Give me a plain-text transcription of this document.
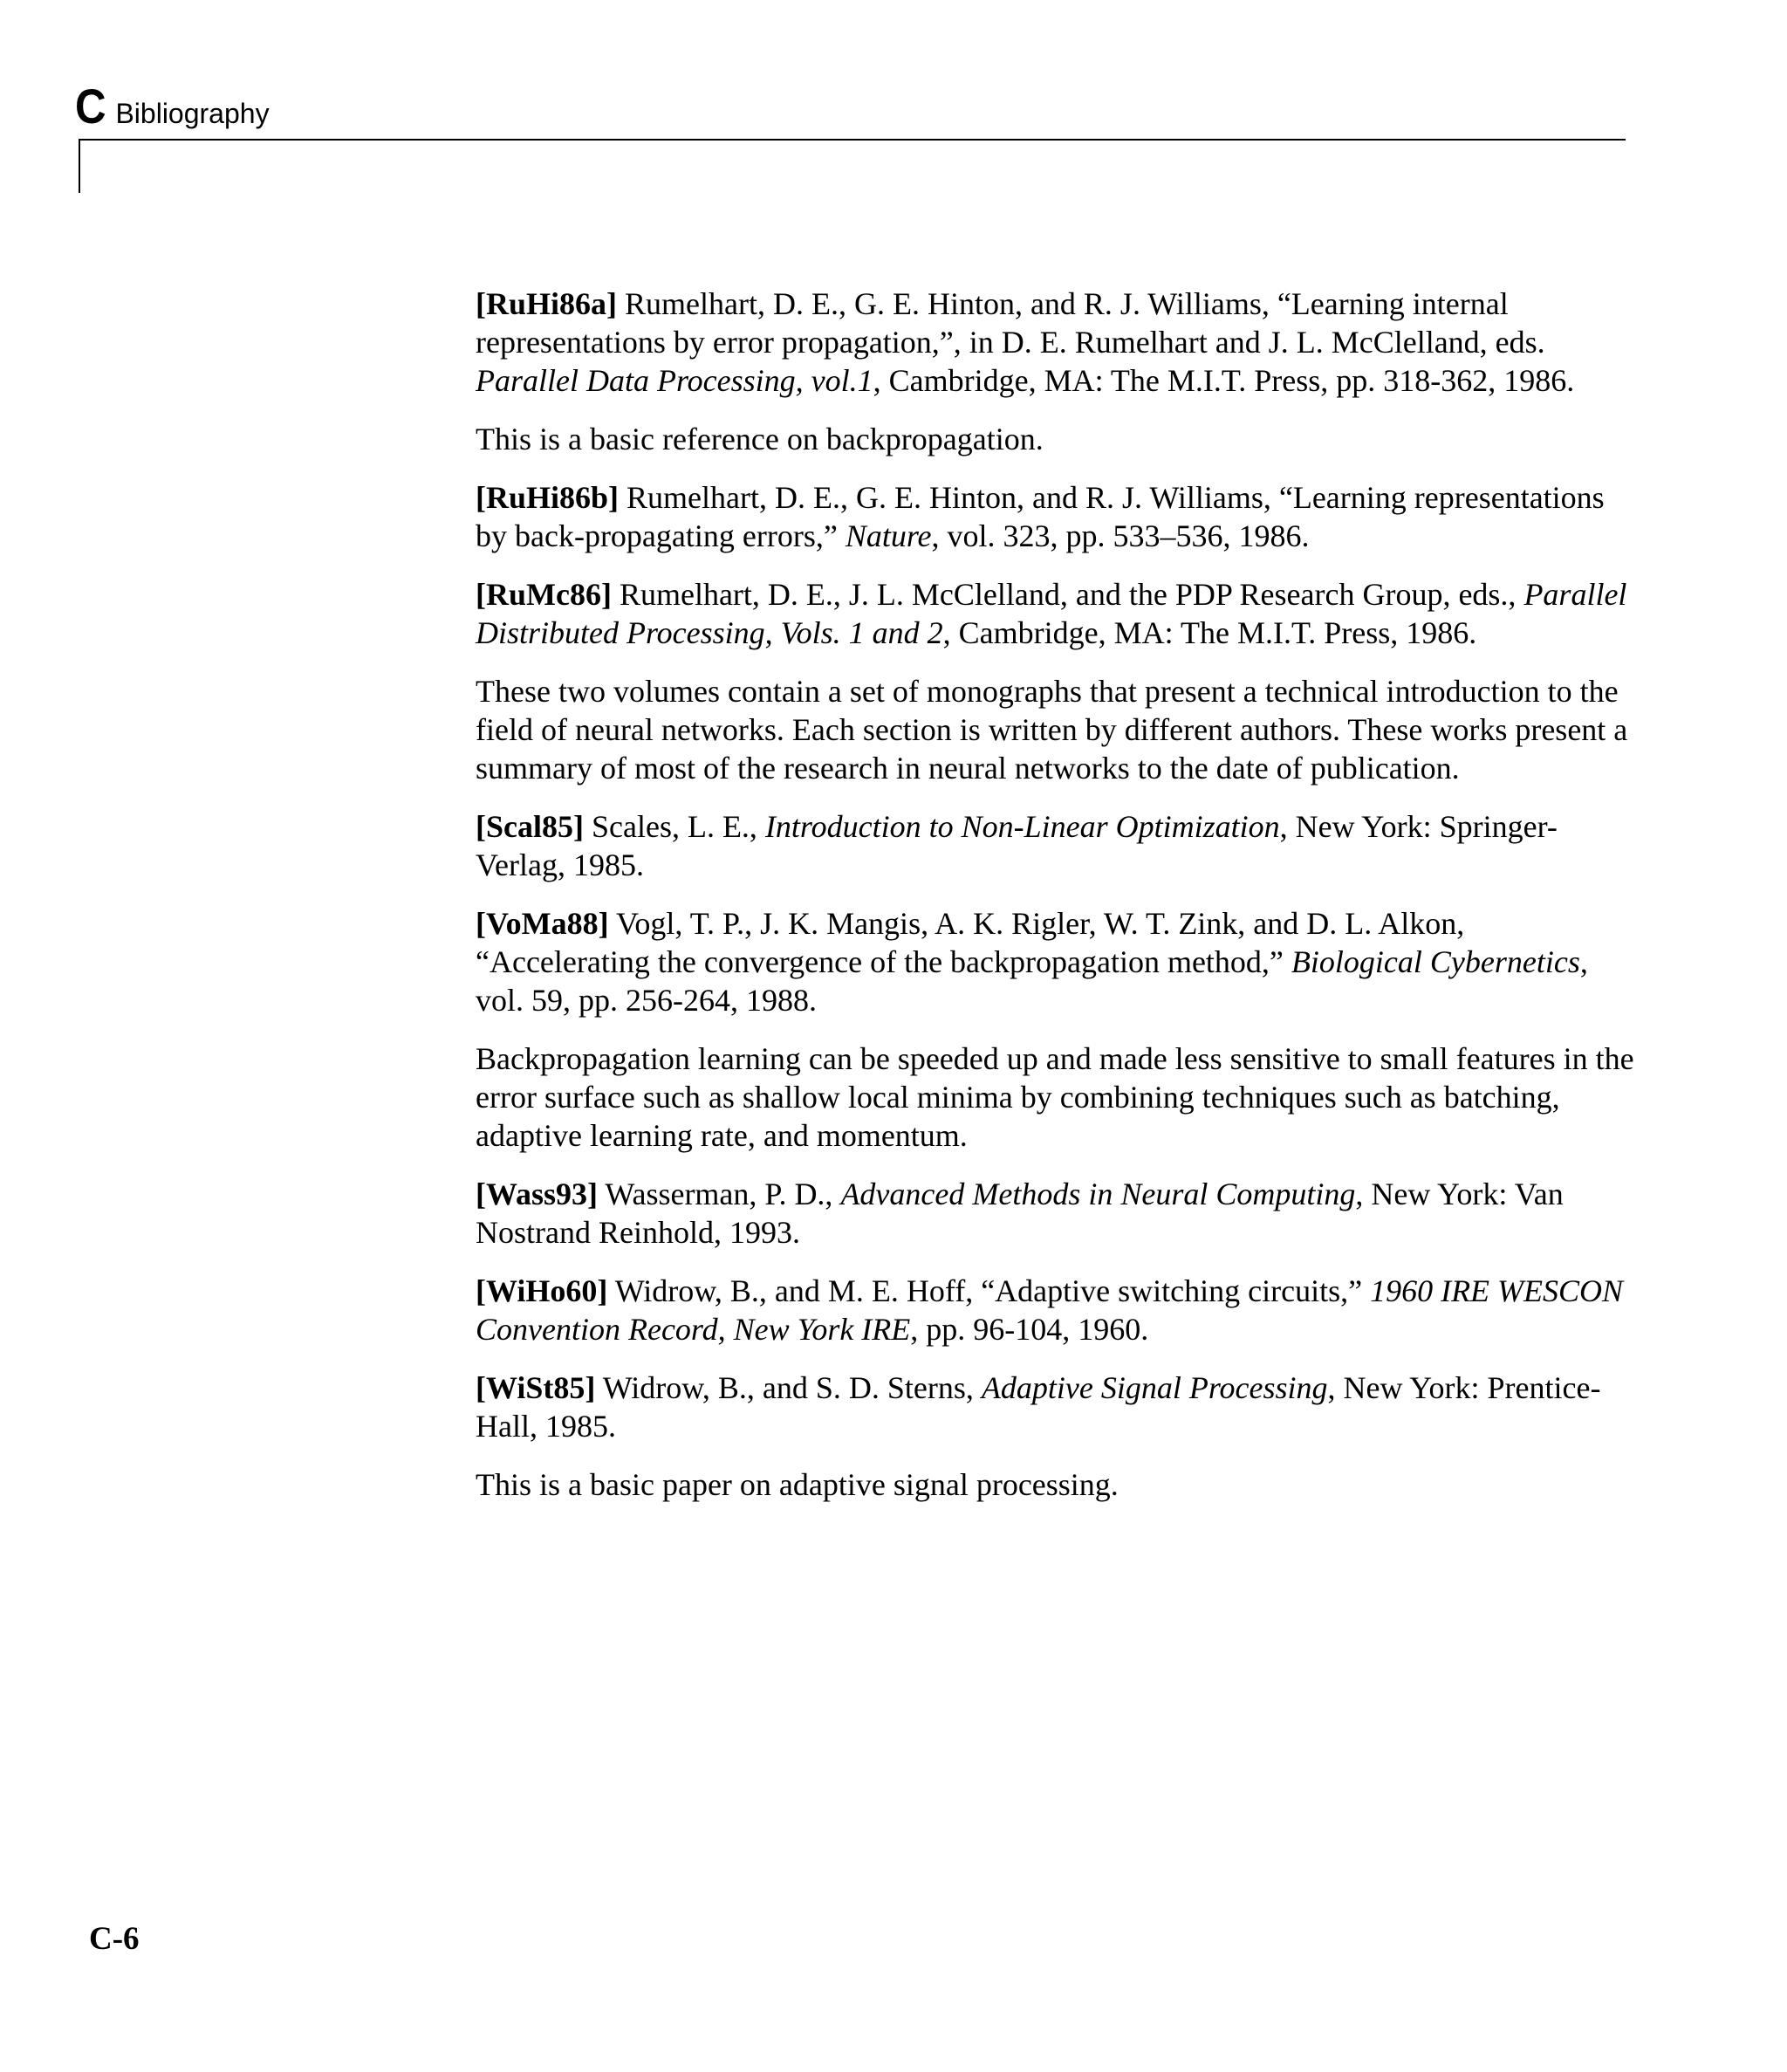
C Bibliography

[RuHi86a] Rumelhart, D. E., G. E. Hinton, and R. J. Williams, “Learning internal representations by error propagation,”, in D. E. Rumelhart and J. L. McClelland, eds. Parallel Data Processing, vol.1, Cambridge, MA: The M.I.T. Press, pp. 318-362, 1986.

This is a basic reference on backpropagation.

[RuHi86b] Rumelhart, D. E., G. E. Hinton, and R. J. Williams, “Learning representations by back-propagating errors,” Nature, vol. 323, pp. 533–536, 1986.

[RuMc86] Rumelhart, D. E., J. L. McClelland, and the PDP Research Group, eds., Parallel Distributed Processing, Vols. 1 and 2, Cambridge, MA: The M.I.T. Press, 1986.

These two volumes contain a set of monographs that present a technical introduction to the field of neural networks. Each section is written by different authors. These works present a summary of most of the research in neural networks to the date of publication.

[Scal85] Scales, L. E., Introduction to Non-Linear Optimization, New York: Springer-Verlag, 1985.

[VoMa88] Vogl, T. P., J. K. Mangis, A. K. Rigler, W. T. Zink, and D. L. Alkon, “Accelerating the convergence of the backpropagation method,” Biological Cybernetics, vol. 59, pp. 256-264, 1988.

Backpropagation learning can be speeded up and made less sensitive to small features in the error surface such as shallow local minima by combining techniques such as batching, adaptive learning rate, and momentum.

[Wass93] Wasserman, P. D., Advanced Methods in Neural Computing, New York: Van Nostrand Reinhold, 1993.

[WiHo60] Widrow, B., and M. E. Hoff, “Adaptive switching circuits,” 1960 IRE WESCON Convention Record, New York IRE, pp. 96-104, 1960.

[WiSt85] Widrow, B., and S. D. Sterns, Adaptive Signal Processing, New York: Prentice-Hall, 1985.

This is a basic paper on adaptive signal processing.

C-6
